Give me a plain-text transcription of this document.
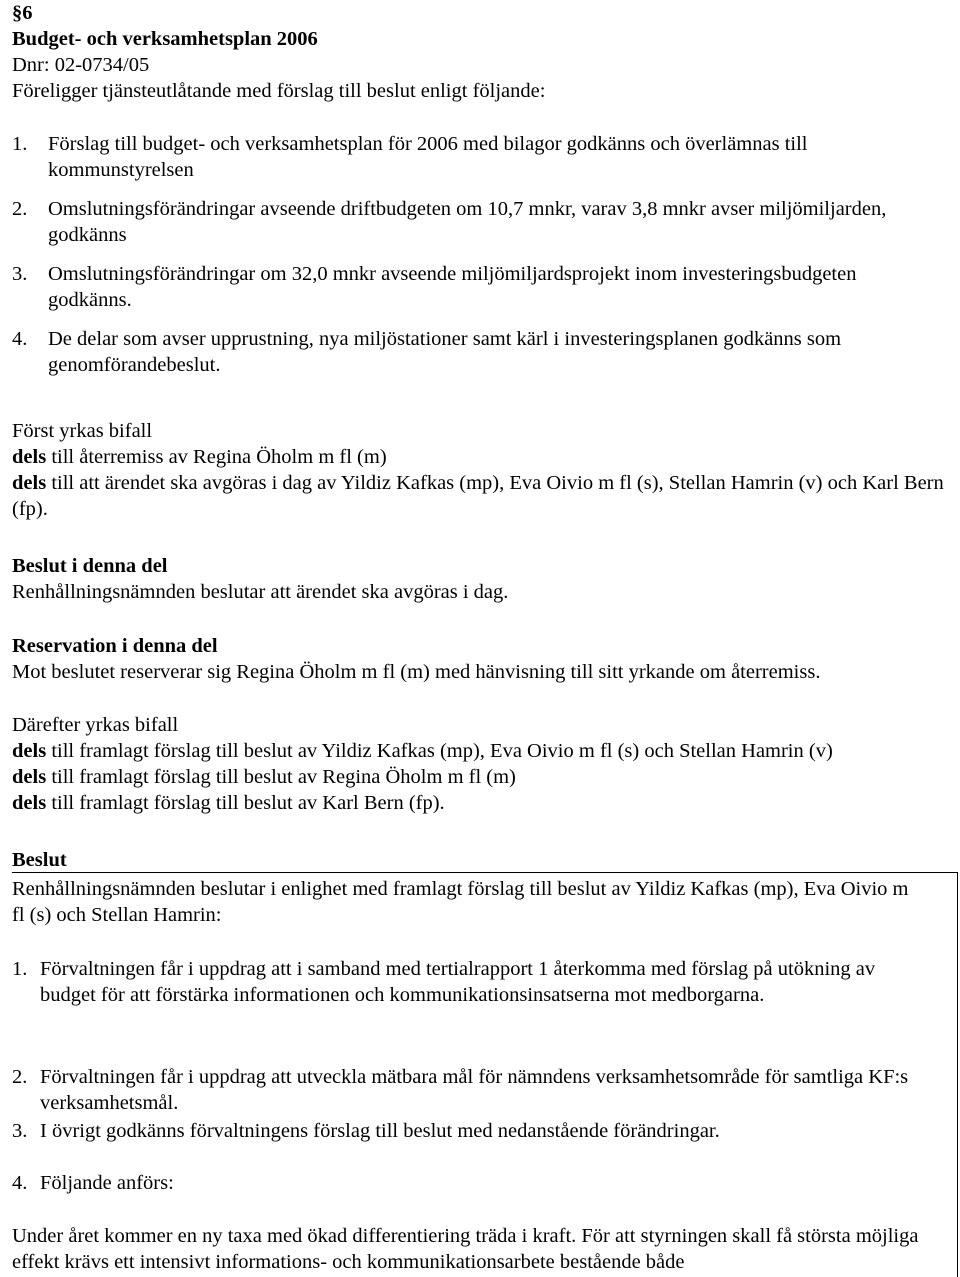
§6

Budget- och verksamhetsplan 2006

Dnr: 02-0734/05

Föreligger tjänsteutlåtande med förslag till beslut enligt följande:

1. Förslag till budget- och verksamhetsplan för 2006 med bilagor godkänns och överlämnas till kommunstyrelsen
2. Omslutningsförändringar avseende driftbudgeten om 10,7 mnkr, varav 3,8 mnkr avser miljömiljarden, godkänns
3. Omslutningsförändringar om 32,0 mnkr avseende miljömiljardsprojekt inom investeringsbudgeten godkänns.
4. De delar som avser upprustning, nya miljöstationer samt kärl i investeringsplanen godkänns som genomförandebeslut.

Först yrkas bifall

dels till återremiss av Regina Öholm m fl (m)

dels till att ärendet ska avgöras i dag av Yildiz Kafkas (mp), Eva Oivio m fl (s), Stellan Hamrin (v) och Karl Bern (fp).

Beslut i denna del

Renhållningsnämnden beslutar att ärendet ska avgöras i dag.

Reservation i denna del

Mot beslutet reserverar sig Regina Öholm m fl (m) med hänvisning till sitt yrkande om återremiss.

Därefter yrkas bifall

dels till framlagt förslag till beslut av Yildiz Kafkas (mp), Eva Oivio m fl (s) och Stellan Hamrin (v)

dels till framlagt förslag till beslut av Regina Öholm m fl (m)

dels till framlagt förslag till beslut av Karl Bern (fp).

Beslut

Renhållningsnämnden beslutar i enlighet med framlagt förslag till beslut av Yildiz Kafkas (mp), Eva Oivio m fl (s) och Stellan Hamrin:

1. Förvaltningen får i uppdrag att i samband med tertialrapport 1 återkomma med förslag på utökning av budget för att förstärka informationen och kommunikationsinsatserna mot medborgarna.
2. Förvaltningen får i uppdrag att utveckla mätbara mål för nämndens verksamhetsområde för samtliga KF:s verksamhetsmål.
3. I övrigt godkänns förvaltningens förslag till beslut med nedanstående förändringar.
4. Följande anförs:

Under året kommer en ny taxa med ökad differentiering träda i kraft. För att styrningen skall få största möjliga effekt krävs ett intensivt informations- och kommunikationsarbete bestående både
